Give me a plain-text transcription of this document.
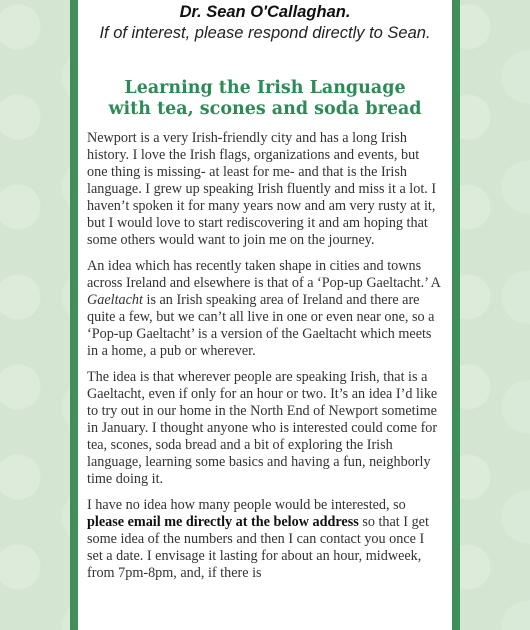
Dr. Sean O'Callaghan.
If of interest, please respond directly to Sean.
Learning the Irish Language
with tea, scones and soda bread

Newport is a very Irish-friendly city and has a long Irish history. I love the Irish flags, organizations and events, but one thing is missing- at least for me- and that is the Irish language. I grew up speaking Irish fluently and miss it a lot. I haven’t spoken it for many years now and am very rusty at it, but I would love to start rediscovering it and am hoping that some others would want to join me on the journey.

An idea which has recently taken shape in cities and towns across Ireland and elsewhere is that of a ‘Pop-up Gaeltacht.’ A Gaeltacht is an Irish speaking area of Ireland and there are quite a few, but we can’t all live in one or even near one, so a ‘Pop-up Gaeltacht’ is a version of the Gaeltacht which meets in a home, a pub or wherever.

The idea is that wherever people are speaking Irish, that is a Gaeltacht, even if only for an hour or two. It’s an idea I’d like to try out in our home in the North End of Newport sometime in January. I thought anyone who is interested could come for tea, scones, soda bread and a bit of exploring the Irish language, learning some basics and having a fun, neighborly time doing it.

I have no idea how many people would be interested, so please email me directly at the below address so that I get some idea of the numbers and then I can contact you once I set a date. I envisage it lasting for about an hour, midweek, from 7pm-8pm, and, if there is
